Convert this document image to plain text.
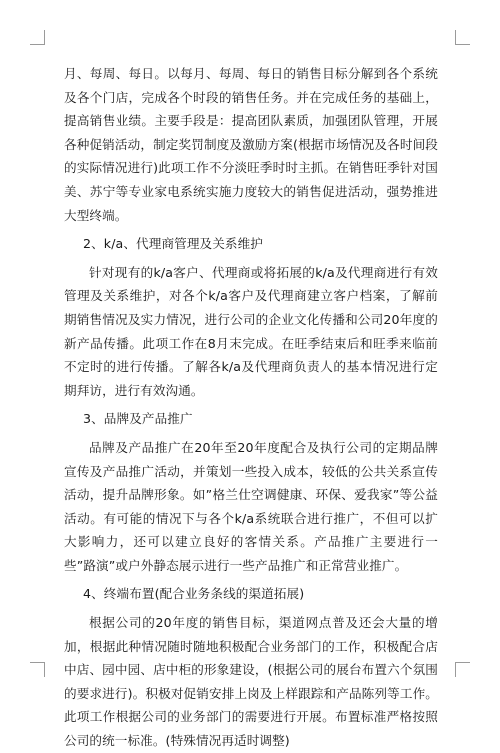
月、每周、每日。以每月、每周、每日的销售目标分解到各个系统及各个门店，完成各个时段的销售任务。并在完成任务的基础上，提高销售业绩。主要手段是：提高团队素质，加强团队管理，开展各种促销活动，制定奖罚制度及激励方案(根据市场情况及各时间段的实际情况进行)此项工作不分淡旺季时时主抓。在销售旺季针对国美、苏宁等专业家电系统实施力度较大的销售促进活动，强势推进大型终端。

2、k/a、代理商管理及关系维护

针对现有的k/a客户、代理商或将拓展的k/a及代理商进行有效管理及关系维护，对各个k/a客户及代理商建立客户档案，了解前期销售情况及实力情况，进行公司的企业文化传播和公司20年度的新产品传播。此项工作在8月末完成。在旺季结束后和旺季来临前不定时的进行传播。了解各k/a及代理商负责人的基本情况进行定期拜访，进行有效沟通。

3、品牌及产品推广

品牌及产品推广在20年至20年度配合及执行公司的定期品牌宣传及产品推广活动，并策划一些投入成本，较低的公共关系宣传活动，提升品牌形象。如”格兰仕空调健康、环保、爱我家”等公益活动。有可能的情况下与各个k/a系统联合进行推广，不但可以扩大影响力，还可以建立良好的客情关系。产品推广主要进行一些”路演”或户外静态展示进行一些产品推广和正常营业推广。

4、终端布置(配合业务条线的渠道拓展)

根据公司的20年度的销售目标，渠道网点普及还会大量的增加，根据此种情况随时随地积极配合业务部门的工作，积极配合店中店、园中园、店中柜的形象建设，(根据公司的展台布置六个氛围的要求进行)。积极对促销安排上岗及上样跟踪和产品陈列等工作。此项工作根据公司的业务部门的需要进行开展。布置标准严格按照公司的统一标准。(特殊情况再适时调整)
